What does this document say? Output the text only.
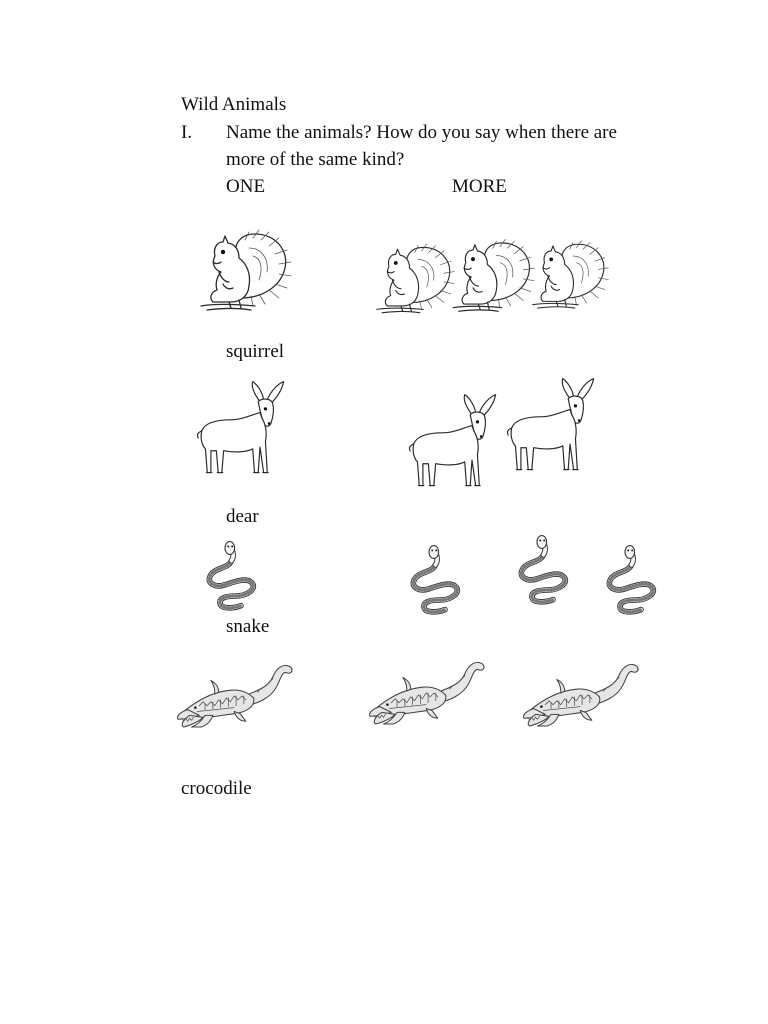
Wild Animals
I. Name the animals? How do you say when there are
more of the same kind?
ONE	MORE
squirrel
dear
snake
crocodile
